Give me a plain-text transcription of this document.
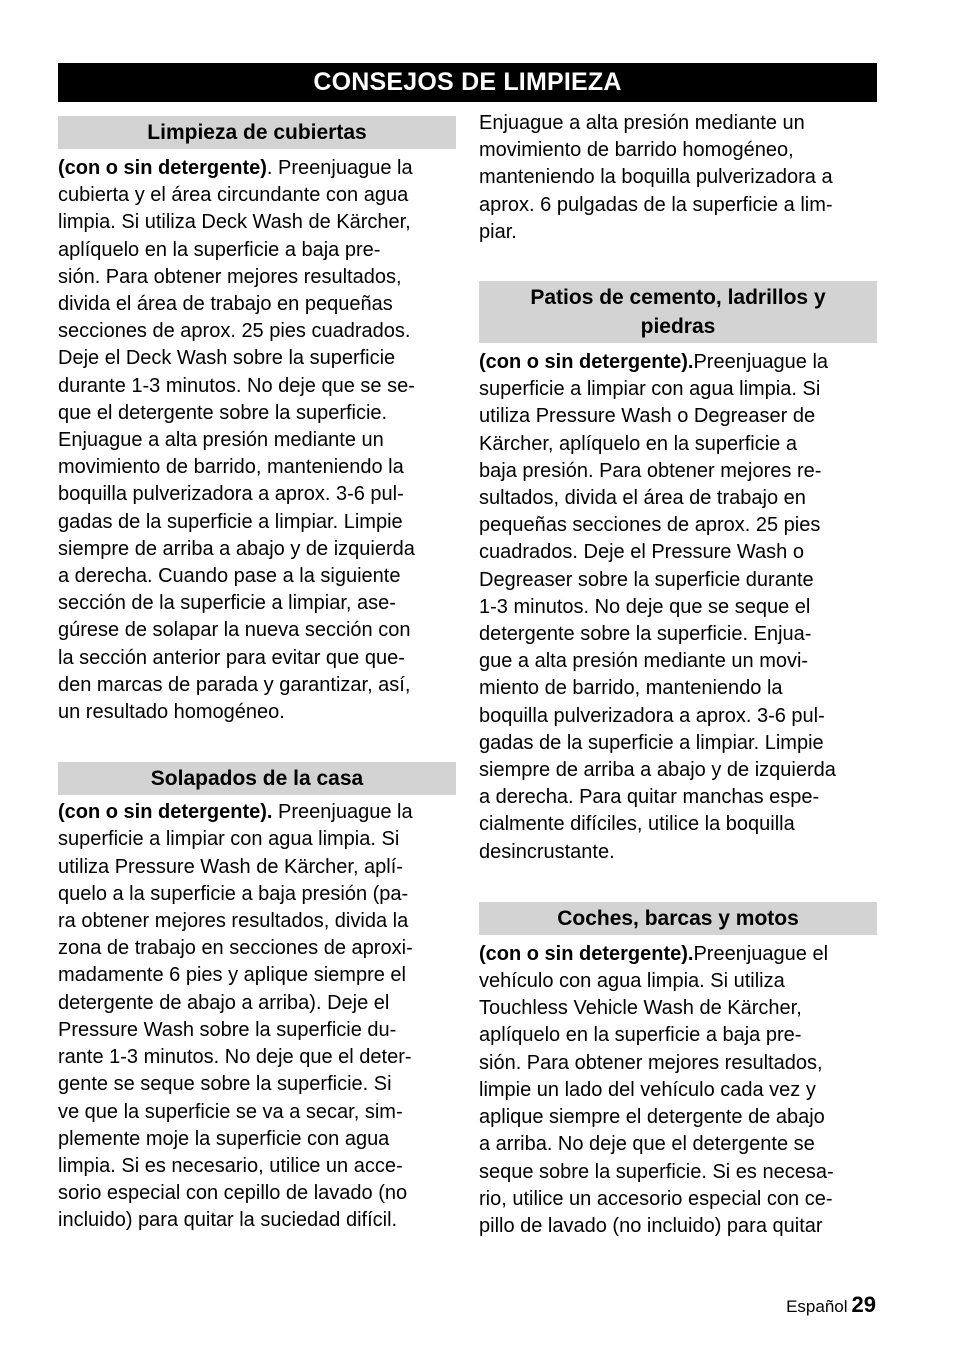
CONSEJOS DE LIMPIEZA
Limpieza de cubiertas
(con o sin detergente). Preenjuague la
cubierta y el área circundante con agua
limpia. Si utiliza Deck Wash de Kärcher,
aplíquelo en la superficie a baja pre-
sión. Para obtener mejores resultados,
divida el área de trabajo en pequeñas
secciones de aprox. 25 pies cuadrados.
Deje el Deck Wash sobre la superficie
durante 1-3 minutos. No deje que se se-
que el detergente sobre la superficie.
Enjuague a alta presión mediante un
movimiento de barrido, manteniendo la
boquilla pulverizadora a aprox. 3-6 pul-
gadas de la superficie a limpiar. Limpie
siempre de arriba a abajo y de izquierda
a derecha. Cuando pase a la siguiente
sección de la superficie a limpiar, ase-
gúrese de solapar la nueva sección con
la sección anterior para evitar que que-
den marcas de parada y garantizar, así,
un resultado homogéneo.
Solapados de la casa
(con o sin detergente). Preenjuague la
superficie a limpiar con agua limpia. Si
utiliza Pressure Wash de Kärcher, aplí-
quelo a la superficie a baja presión (pa-
ra obtener mejores resultados, divida la
zona de trabajo en secciones de aproxi-
madamente 6 pies y aplique siempre el
detergente de abajo a arriba). Deje el
Pressure Wash sobre la superficie du-
rante 1-3 minutos. No deje que el deter-
gente se seque sobre la superficie. Si
ve que la superficie se va a secar, sim-
plemente moje la superficie con agua
limpia. Si es necesario, utilice un acce-
sorio especial con cepillo de lavado (no
incluido) para quitar la suciedad difícil.
Enjuague a alta presión mediante un
movimiento de barrido homogéneo,
manteniendo la boquilla pulverizadora a
aprox. 6 pulgadas de la superficie a lim-
piar.
Patios de cemento, ladrillos y piedras
(con o sin detergente).Preenjuague la
superficie a limpiar con agua limpia. Si
utiliza Pressure Wash o Degreaser de
Kärcher, aplíquelo en la superficie a
baja presión. Para obtener mejores re-
sultados, divida el área de trabajo en
pequeñas secciones de aprox. 25 pies
cuadrados. Deje el Pressure Wash o
Degreaser sobre la superficie durante
1-3 minutos. No deje que se seque el
detergente sobre la superficie. Enjua-
gue a alta presión mediante un movi-
miento de barrido, manteniendo la
boquilla pulverizadora a aprox. 3-6 pul-
gadas de la superficie a limpiar. Limpie
siempre de arriba a abajo y de izquierda
a derecha. Para quitar manchas espe-
cialmente difíciles, utilice la boquilla
desincrustante.
Coches, barcas y motos
(con o sin detergente).Preenjuague el
vehículo con agua limpia. Si utiliza
Touchless Vehicle Wash de Kärcher,
aplíquelo en la superficie a baja pre-
sión. Para obtener mejores resultados,
limpie un lado del vehículo cada vez y
aplique siempre el detergente de abajo
a arriba. No deje que el detergente se
seque sobre la superficie. Si es necesa-
rio, utilice un accesorio especial con ce-
pillo de lavado (no incluido) para quitar
Español 29
